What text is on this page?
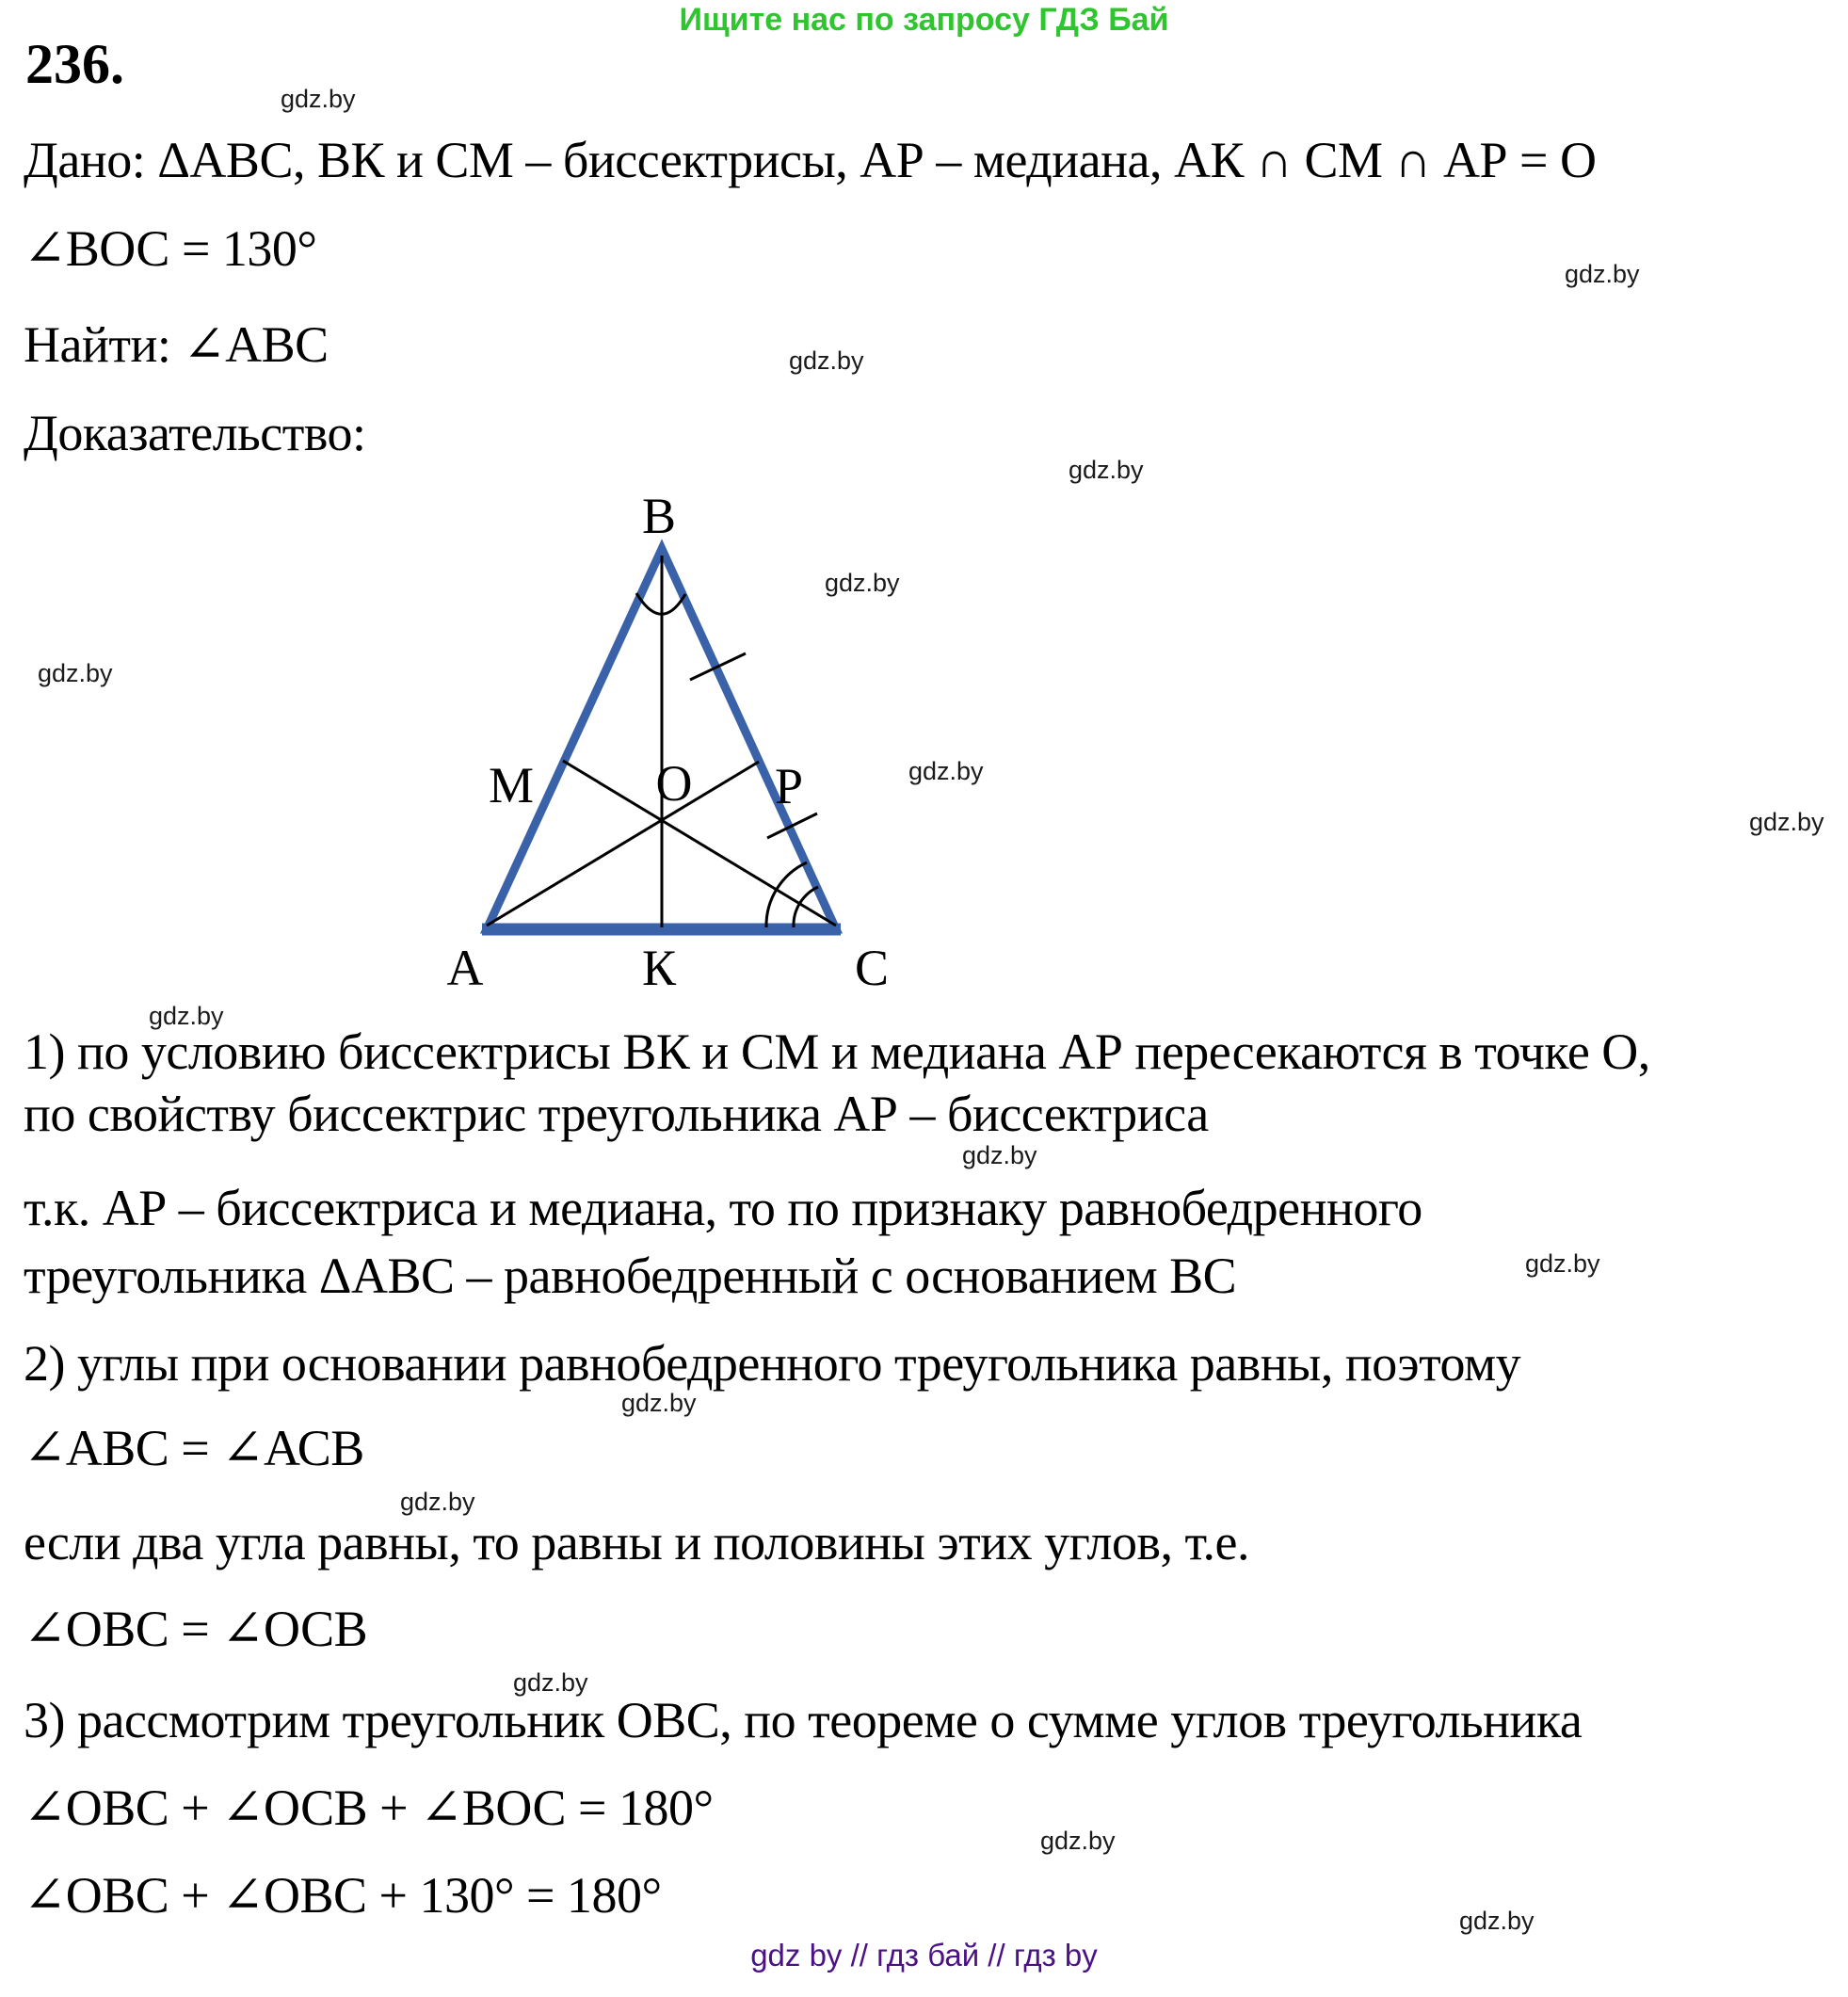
Ищите нас по запросу ГДЗ Бай
236.
Дано: ΔАВС, ВК и СМ – биссектрисы, АР – медиана, АК ∩ СМ ∩ АР = О
∠ВОС = 130°
Найти: ∠АВС
Доказательство:
В
М О Р
А	К	С
1) по условию биссектрисы ВК и СМ и медиана АР пересекаются в точке О,
по свойству биссектрис треугольника АР – биссектриса
т.к. АР – биссектриса и медиана, то по признаку равнобедренного
треугольника ΔАВС – равнобедренный с основанием ВС
2) углы при основании равнобедренного треугольника равны, поэтому
∠АВС = ∠АСВ
если два угла равны, то равны и половины этих углов, т.е.
∠ОВС = ∠ОСВ
3) рассмотрим треугольник ОВС, по теореме о сумме углов треугольника
∠ОВС + ∠ОСВ + ∠ВОС = 180°
∠ОВС + ∠ОВС + 130° = 180°
gdz.by
gdz.by
gdz.by
gdz.by
gdz.by
gdz.by
gdz.by
gdz.by
gdz.by
gdz.by
gdz.by
gdz.by
gdz.by
gdz.by
gdz.by
gdz.by
gdz by // гдз бай // гдз by
